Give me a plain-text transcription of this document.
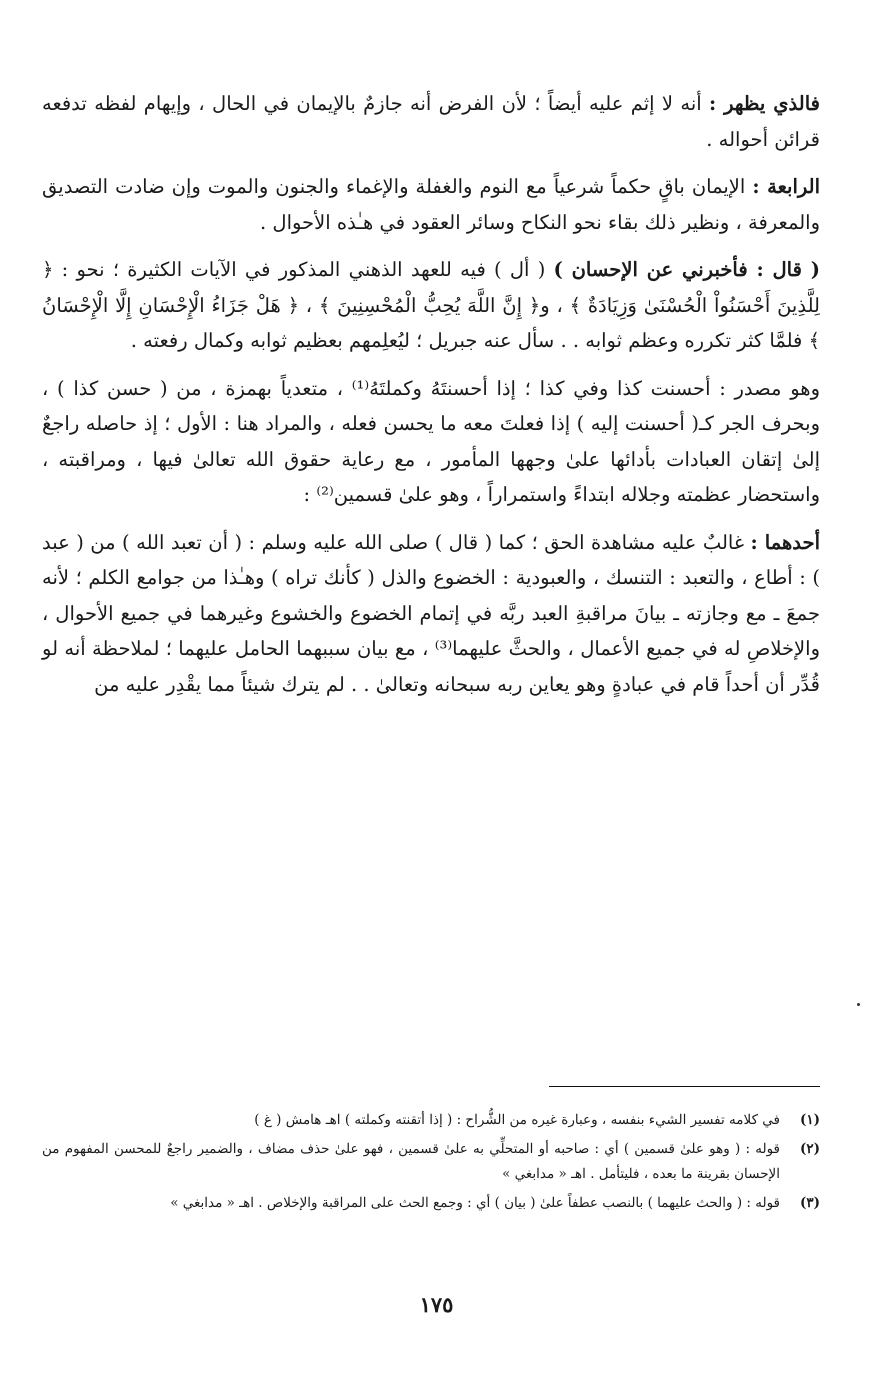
فالذي يظهر : أنه لا إثم عليه أيضاً ؛ لأن الفرض أنه جازمٌ بالإيمان في الحال ، وإيهام لفظه تدفعه قرائن أحواله .

الرابعة : الإيمان باقٍ حكماً شرعياً مع النوم والغفلة والإغماء والجنون والموت وإن ضادت التصديق والمعرفة ، ونظير ذلك بقاء نحو النكاح وسائر العقود في هـٰذه الأحوال .

( قال : فأخبرني عن الإحسان ) ( أل ) فيه للعهد الذهني المذكور في الآيات الكثيرة ؛ نحو : ﴿ لِلَّذِينَ أَحْسَنُواْ الْحُسْنَىٰ وَزِيَادَةٌ ﴾ ، و﴿ إِنَّ اللَّهَ يُحِبُّ الْمُحْسِنِينَ ﴾ ، ﴿ هَلْ جَزَاءُ الْإِحْسَانِ إِلَّا الْإِحْسَانُ ﴾ فلمَّا كثر تكرره وعظم ثوابه . . سأل عنه جبريل ؛ ليُعلِمهم بعظيم ثوابه وكمال رفعته .

وهو مصدر : أحسنت كذا وفي كذا ؛ إذا أحسنتَهُ وكملتَهُ⁽¹⁾ ، متعدياً بهمزة ، من ( حسن كذا ) ، وبحرف الجر كـ( أحسنت إليه ) إذا فعلتَ معه ما يحسن فعله ، والمراد هنا : الأول ؛ إذ حاصله راجعٌ إلىٰ إتقان العبادات بأدائها علىٰ وجهها المأمور ، مع رعاية حقوق الله تعالىٰ فيها ، ومراقبته ، واستحضار عظمته وجلاله ابتداءً واستمراراً ، وهو علىٰ قسمين⁽²⁾ :

أحدهما : غالبٌ عليه مشاهدة الحق ؛ كما ( قال ) صلى الله عليه وسلم : ( أن تعبد الله ) من ( عبد ) : أطاع ، والتعبد : التنسك ، والعبودية : الخضوع والذل ( كأنك تراه ) وهـٰذا من جوامع الكلم ؛ لأنه جمعَ ـ مع وجازته ـ بيانَ مراقبةِ العبد ربَّه في إتمام الخضوع والخشوع وغيرهما في جميع الأحوال ، والإخلاصِ له في جميع الأعمال ، والحثَّ عليهما⁽³⁾ ، مع بيان سببهما الحامل عليهما ؛ لملاحظة أنه لو قُدِّر أن أحداً قام في عبادةٍ وهو يعاين ربه سبحانه وتعالىٰ . . لم يترك شيئاً مما يقْدِر عليه من

(١)
في كلامه تفسير الشيء بنفسه ، وعبارة غيره من الشُّراح : ( إذا أتقنته وكملته ) اهـ هامش ( غ )
(٢)
قوله : ( وهو علىٰ قسمين ) أي : صاحبه أو المتحلِّي به علىٰ قسمين ، فهو علىٰ حذف مضاف ، والضمير راجعٌ للمحسن المفهوم من الإحسان بقرينة ما بعده ، فليتأمل . اهـ « مدابغي »
(٣)
قوله : ( والحث عليهما ) بالنصب عطفاً علىٰ ( بيان ) أي : وجمع الحث على المراقبة والإخلاص . اهـ « مدابغي »
١٧٥
